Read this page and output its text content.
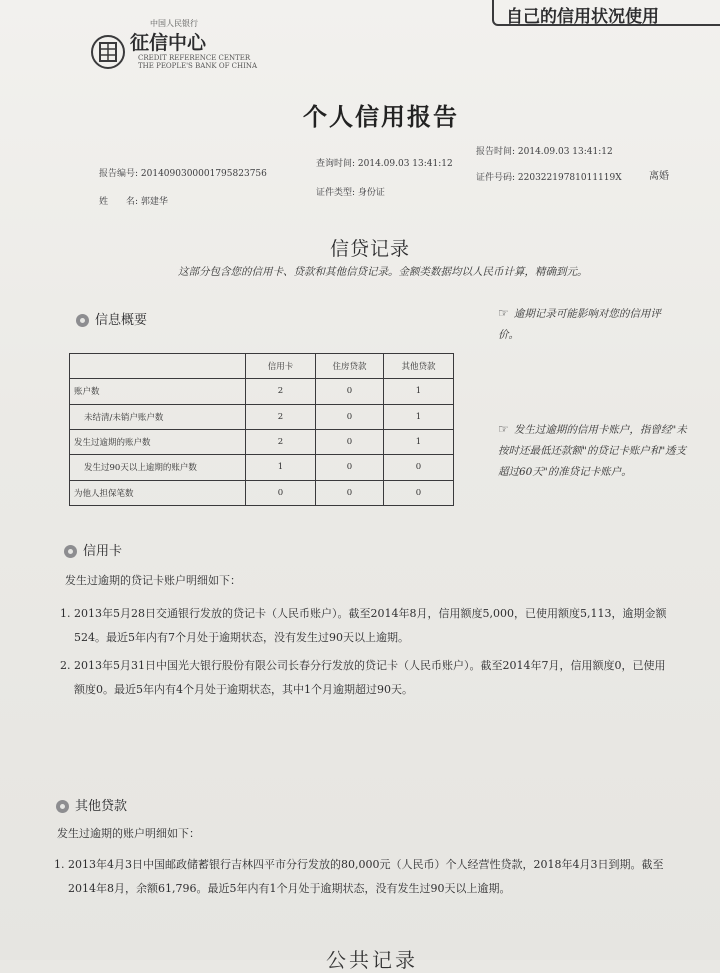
自己的信用状况使用
中国人民银行
征信中心
CREDIT REFERENCE CENTER
THE PEOPLE'S BANK OF CHINA
个人信用报告
报告时间: 2014.09.03 13:41:12
查询时间: 2014.09.03 13:41:12
报告编号: 2014090300001795823756	证件号码: 22032219781011119X	离婚
证件类型: 身份证
姓　　名: 郭建华
信贷记录
这部分包含您的信用卡、贷款和其他信贷记录。金额类数据均以人民币计算，精确到元。
信息概要	☞ 逾期记录可能影响对您的信用评价。
	信用卡	住房贷款	其他贷款
账户数	2	0	1
未结清/未销户账户数	2	0	1
发生过逾期的账户数	2	0	1
发生过90天以上逾期的账户数	1	0	0
为他人担保笔数	0	0	0
☞ 发生过逾期的信用卡账户，指曾经"未按时还最低还款额"的贷记卡账户和"透支超过60天"的准贷记卡账户。
信用卡
发生过逾期的贷记卡账户明细如下：
1. 2013年5月28日交通银行发放的贷记卡（人民币账户）。截至2014年8月，信用额度5,000，已使用额度5,113，逾期金额
524。最近5年内有7个月处于逾期状态，没有发生过90天以上逾期。
2. 2013年5月31日中国光大银行股份有限公司长春分行发放的贷记卡（人民币账户）。截至2014年7月，信用额度0，已使用
额度0。最近5年内有4个月处于逾期状态，其中1个月逾期超过90天。
其他贷款
发生过逾期的账户明细如下：
1. 2013年4月3日中国邮政储蓄银行吉林四平市分行发放的80,000元（人民币）个人经营性贷款，2018年4月3日到期。截至
2014年8月，余额61,796。最近5年内有1个月处于逾期状态，没有发生过90天以上逾期。
公共记录
